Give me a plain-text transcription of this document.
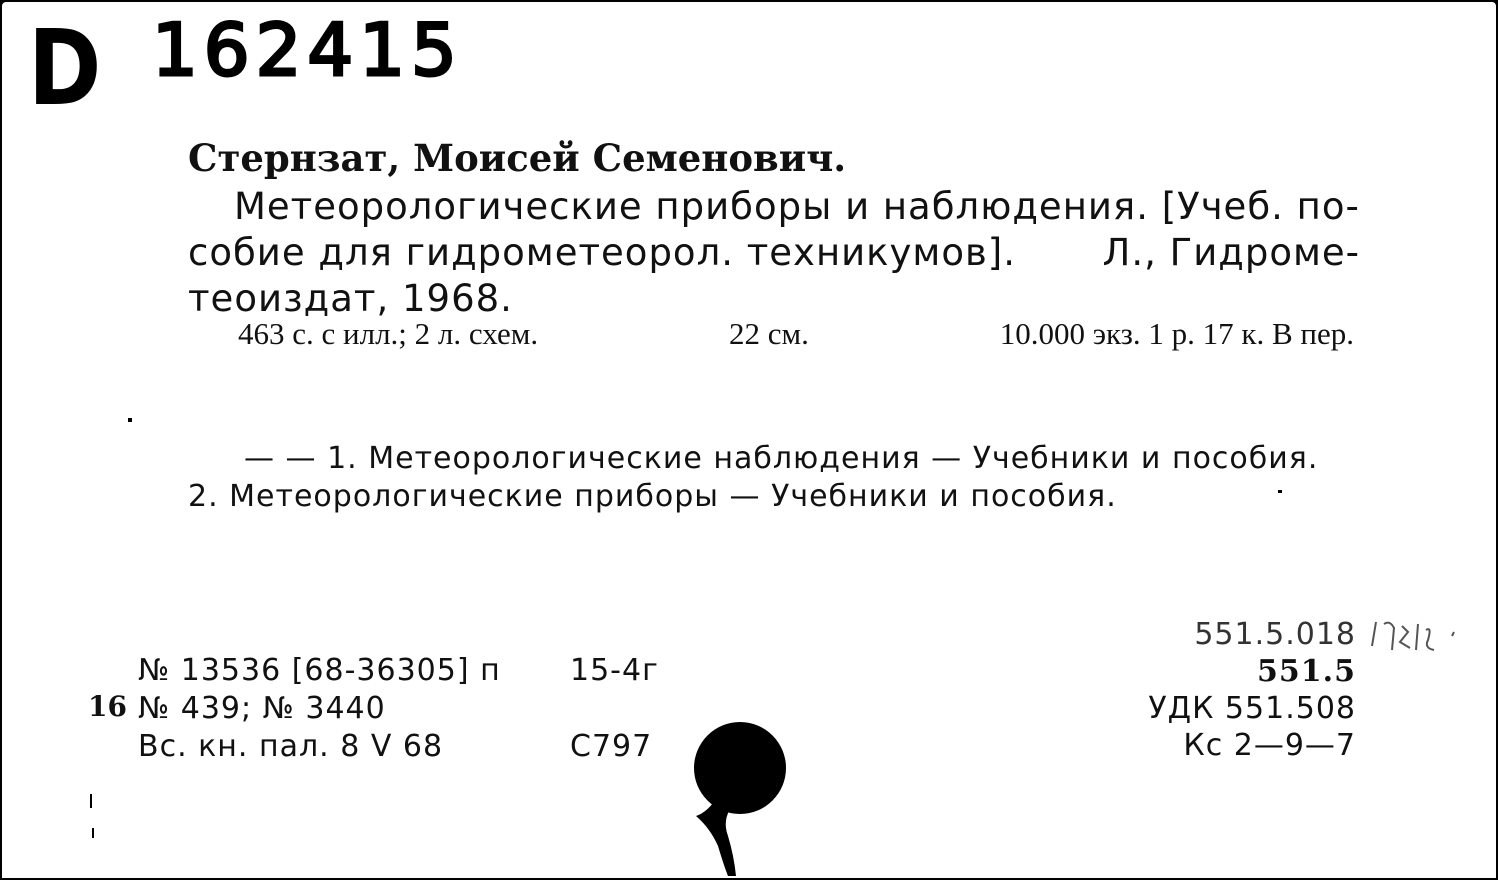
D 162415
Стернзат, Моисей Семенович.
Метеорологические приборы и наблюдения. [Учеб. по-
собие для гидрометеорол. техникумов]. Л., Гидроме-
теоиздат, 1968.
463 с. с илл.; 2 л. схем.	22 см.	10.000 экз. 1 р. 17 к. В пер.
— — 1. Метеорологические наблюдения — Учебники и пособия.
2. Метеорологические приборы — Учебники и пособия.
16
№ 13536 [68-36305] п	15-4г
№ 439; № 3440
Вс. кн. пал. 8 V 68	С797
551.5.018
551.5
УДК 551.508
Кс 2—9—7
